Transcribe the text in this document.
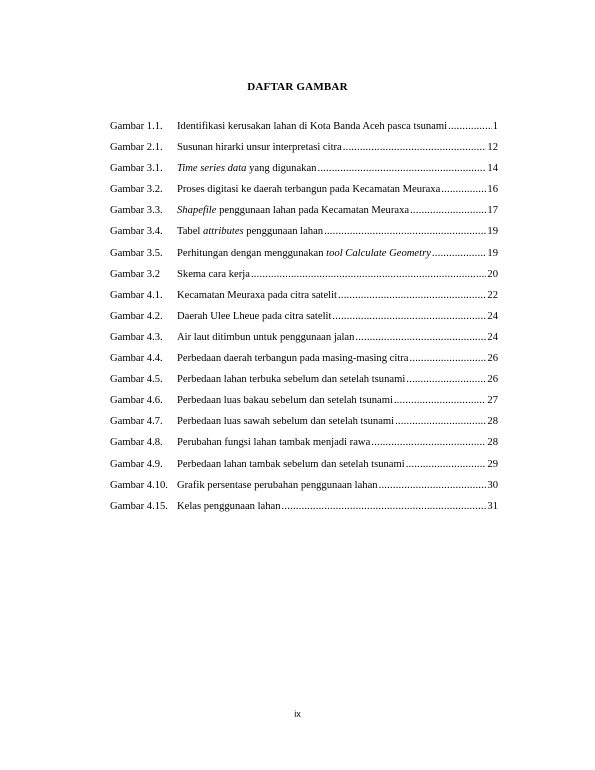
DAFTAR GAMBAR
Gambar 1.1.	Identifikasi kerusakan lahan di Kota Banda Aceh pasca tsunami .....	1
Gambar 2.1.	Susunan hirarki unsur interpretasi citra .....	12
Gambar 3.1.	Time series data yang digunakan .....	14
Gambar 3.2.	Proses digitasi ke daerah terbangun pada Kecamatan Meuraxa .....	16
Gambar 3.3.	Shapefile penggunaan lahan pada Kecamatan Meuraxa .....	17
Gambar 3.4.	Tabel attributes penggunaan lahan .....	19
Gambar 3.5.	Perhitungan dengan menggunakan tool Calculate Geometry .....	19
Gambar 3.2	Skema cara kerja .....	20
Gambar 4.1.	Kecamatan Meuraxa pada citra satelit .....	22
Gambar 4.2.	Daerah Ulee Lheue pada citra satelit .....	24
Gambar 4.3.	Air laut ditimbun untuk penggunaan jalan .....	24
Gambar 4.4.	Perbedaan daerah terbangun pada masing-masing citra .....	26
Gambar 4.5.	Perbedaan lahan terbuka sebelum dan setelah tsunami .....	26
Gambar 4.6.	Perbedaan luas bakau sebelum dan setelah tsunami .....	27
Gambar 4.7.	Perbedaan luas sawah sebelum dan setelah tsunami .....	28
Gambar 4.8.	Perubahan fungsi lahan tambak menjadi rawa .....	28
Gambar 4.9.	Perbedaan lahan tambak sebelum dan setelah tsunami .....	29
Gambar 4.10. Grafik persentase perubahan penggunaan lahan .....	30
Gambar 4.15. Kelas penggunaan lahan .....	31
ix
